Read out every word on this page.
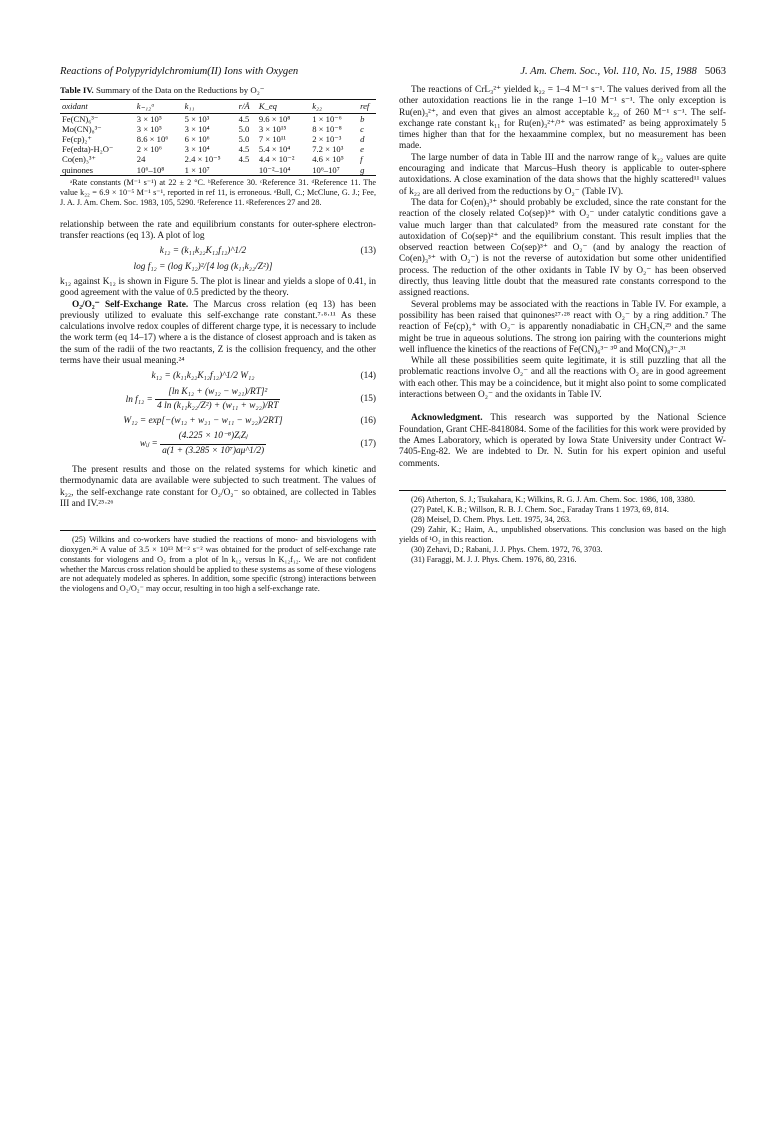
Reactions of Polypyridylchromium(II) Ions with Oxygen	J. Am. Chem. Soc., Vol. 110, No. 15, 1988 5063
Table IV. Summary of the Data on the Reductions by O₂⁻
oxidant	k₋₁₂ᵃ	k₁₁	r/Å	K_eq	k₂₂	ref
Fe(CN)₆³⁻	3 × 10⁵	5 × 10³	4.5	9.6 × 10⁸	1 × 10⁻⁶	b
Mo(CN)₈³⁻	3 × 10⁵	3 × 10⁴	5.0	3 × 10¹⁵	8 × 10⁻⁸	c
Fe(cp)₂⁺	8.6 × 10⁶	6 × 10⁶	5.0	7 × 10¹¹	2 × 10⁻³	d
Fe(edta)-H₂O⁻	2 × 10⁶	3 × 10⁴	4.5	5.4 × 10⁴	7.2 × 10³	e
Co(en)₃³⁺	24	2.4 × 10⁻⁵	4.5	4.4 × 10⁻²	4.6 × 10⁵	f
quinones	10⁶–10⁸	1 × 10⁷		10⁻²–10⁴	10⁶–10⁷	g
ᵃRate constants (M⁻¹ s⁻¹) at 22 ± 2 °C. ᵇReference 30. ᶜReference 31. ᵈReference 11. The value k₂₂ = 6.9 × 10⁻⁵ M⁻¹ s⁻¹, reported in ref 11, is erroneous. ᵉBull, C.; McClune, G. J.; Fee, J. A. J. Am. Chem. Soc. 1983, 105, 5290. ᶠReference 11. ᵍReferences 27 and 28.

relationship between the rate and equilibrium constants for outer-sphere electron-transfer reactions (eq 13). A plot of log

k₁₂ = (k₁₁k₂₂K₁₂f₁₂)^1/2	(13)
log f₁₂ = (log K₁₂)²/[4 log (k₁₁k₂₂/Z²)]

k₁₂ against K₁₂ is shown in Figure 5. The plot is linear and yields a slope of 0.41, in good agreement with the value of 0.5 predicted by the theory.

O₂/O₂⁻ Self-Exchange Rate. The Marcus cross relation (eq 13) has been previously utilized to evaluate this self-exchange rate constant.⁷·⁸·¹¹ As these calculations involve redox couples of different charge type, it is necessary to include the work term (eq 14–17) where a is the distance of closest approach and is taken as the sum of the radii of the two reactants, Z is the collision frequency, and the other terms have their usual meaning.²⁴

k₁₂ = (k₁₁k₂₂K₁₂f₁₂)^1/2 W₁₂	(14)
$\ln f_{12} = \frac{\text{[ln K₁₂ + (w₁₂ − w₂₁)/RT]²}}{\text{4 ln (k₁₁k₂₂/Z²) + (w₁₁ + w₂₂)/RT}}$	(15)
W₁₂ = exp[−(w₁₂ + w₂₁ − w₁₁ − w₂₂)/2RT]	(16)
wᵢⱼ = $\frac{\text{(4.225 × 10⁻⁸)ZᵢZⱼ}}{\text{a(1 + (3.285 × 10⁷)aμ\textasciicircum{}1/2)}}$	(17)

The present results and those on the related systems for which kinetic and thermodynamic data are available were subjected to such treatment. The values of k₂₂, the self-exchange rate constant for O₂/O₂⁻ so obtained, are collected in Tables III and IV.²⁵·²⁶

(25) Wilkins and co-workers have studied the reactions of mono- and bisviologens with dioxygen.²⁶ A value of 3.5 × 10¹³ M⁻² s⁻² was obtained for the product of self-exchange rate constants for viologens and O₂ from a plot of ln k₁₂ versus ln K₁₂f₁₂. We are not confident whether the Marcus cross relation should be applied to these systems as some of these viologens are not adequately modeled as spheres. In addition, some specific (strong) interactions between the viologens and O₂/O₂⁻ may occur, resulting in too high a self-exchange rate.

The reactions of CrL₃²⁺ yielded k₂₂ = 1–4 M⁻¹ s⁻¹. The values derived from all the other autoxidation reactions lie in the range 1–10 M⁻¹ s⁻¹. The only exception is Ru(en)₃²⁺, and even that gives an almost acceptable k₂₂ of 260 M⁻¹ s⁻¹. The self-exchange rate constant k₁₁ for Ru(en)₃²⁺/³⁺ was estimated⁷ as being approximately 5 times higher than that for the hexaammine complex, but no measurement has been made.

The large number of data in Table III and the narrow range of k₂₂ values are quite encouraging and indicate that Marcus–Hush theory is applicable to outer-sphere autoxidations. A close examination of the data shows that the highly scattered¹¹ values of k₂₂ are all derived from the reductions by O₂⁻ (Table IV).

The data for Co(en)₃³⁺ should probably be excluded, since the rate constant for the reaction of the closely related Co(sep)³⁺ with O₂⁻ under catalytic conditions gave a value much larger than that calculated⁹ from the measured rate constant for the autoxidation of Co(sep)²⁺ and the equilibrium constant. This result implies that the observed reaction between Co(sep)³⁺ and O₂⁻ (and by analogy the reaction of Co(en)₃³⁺ with O₂⁻) is not the reverse of autoxidation but some other unidentified process. The reduction of the other oxidants in Table IV by O₂⁻ has been observed directly, thus leaving little doubt that the measured rate constants correspond to the assigned reactions.

Several problems may be associated with the reactions in Table IV. For example, a possibility has been raised that quinones²⁷·²⁸ react with O₂⁻ by a ring addition.⁷ The reaction of Fe(cp)₂⁺ with O₂⁻ is apparently nonadiabatic in CH₃CN,²⁹ and the same might be true in aqueous solutions. The strong ion pairing with the counterions might well influence the kinetics of the reactions of Fe(CN)₆³⁻ ³⁰ and Mo(CN)₈³⁻.³¹

While all these possibilities seem quite legitimate, it is still puzzling that all the problematic reactions involve O₂⁻ and all the reactions with O₂ are in good agreement with each other. This may be a coincidence, but it might also point to some complicated interactions between O₂⁻ and the oxidants in Table IV.

Acknowledgment. This research was supported by the National Science Foundation, Grant CHE-8418084. Some of the facilities for this work were provided by the Ames Laboratory, which is operated by Iowa State University under Contract W-7405-Eng-82. We are indebted to Dr. N. Sutin for his expert opinion and useful comments.

(26) Atherton, S. J.; Tsukahara, K.; Wilkins, R. G. J. Am. Chem. Soc. 1986, 108, 3380.

(27) Patel, K. B.; Willson, R. B. J. Chem. Soc., Faraday Trans 1 1973, 69, 814.

(28) Meisel, D. Chem. Phys. Lett. 1975, 34, 263.

(29) Zahir, K.; Haim, A., unpublished observations. This conclusion was based on the high yields of ¹O₂ in this reaction.

(30) Zehavi, D.; Rabani, J. J. Phys. Chem. 1972, 76, 3703.

(31) Faraggi, M. J. J. Phys. Chem. 1976, 80, 2316.
